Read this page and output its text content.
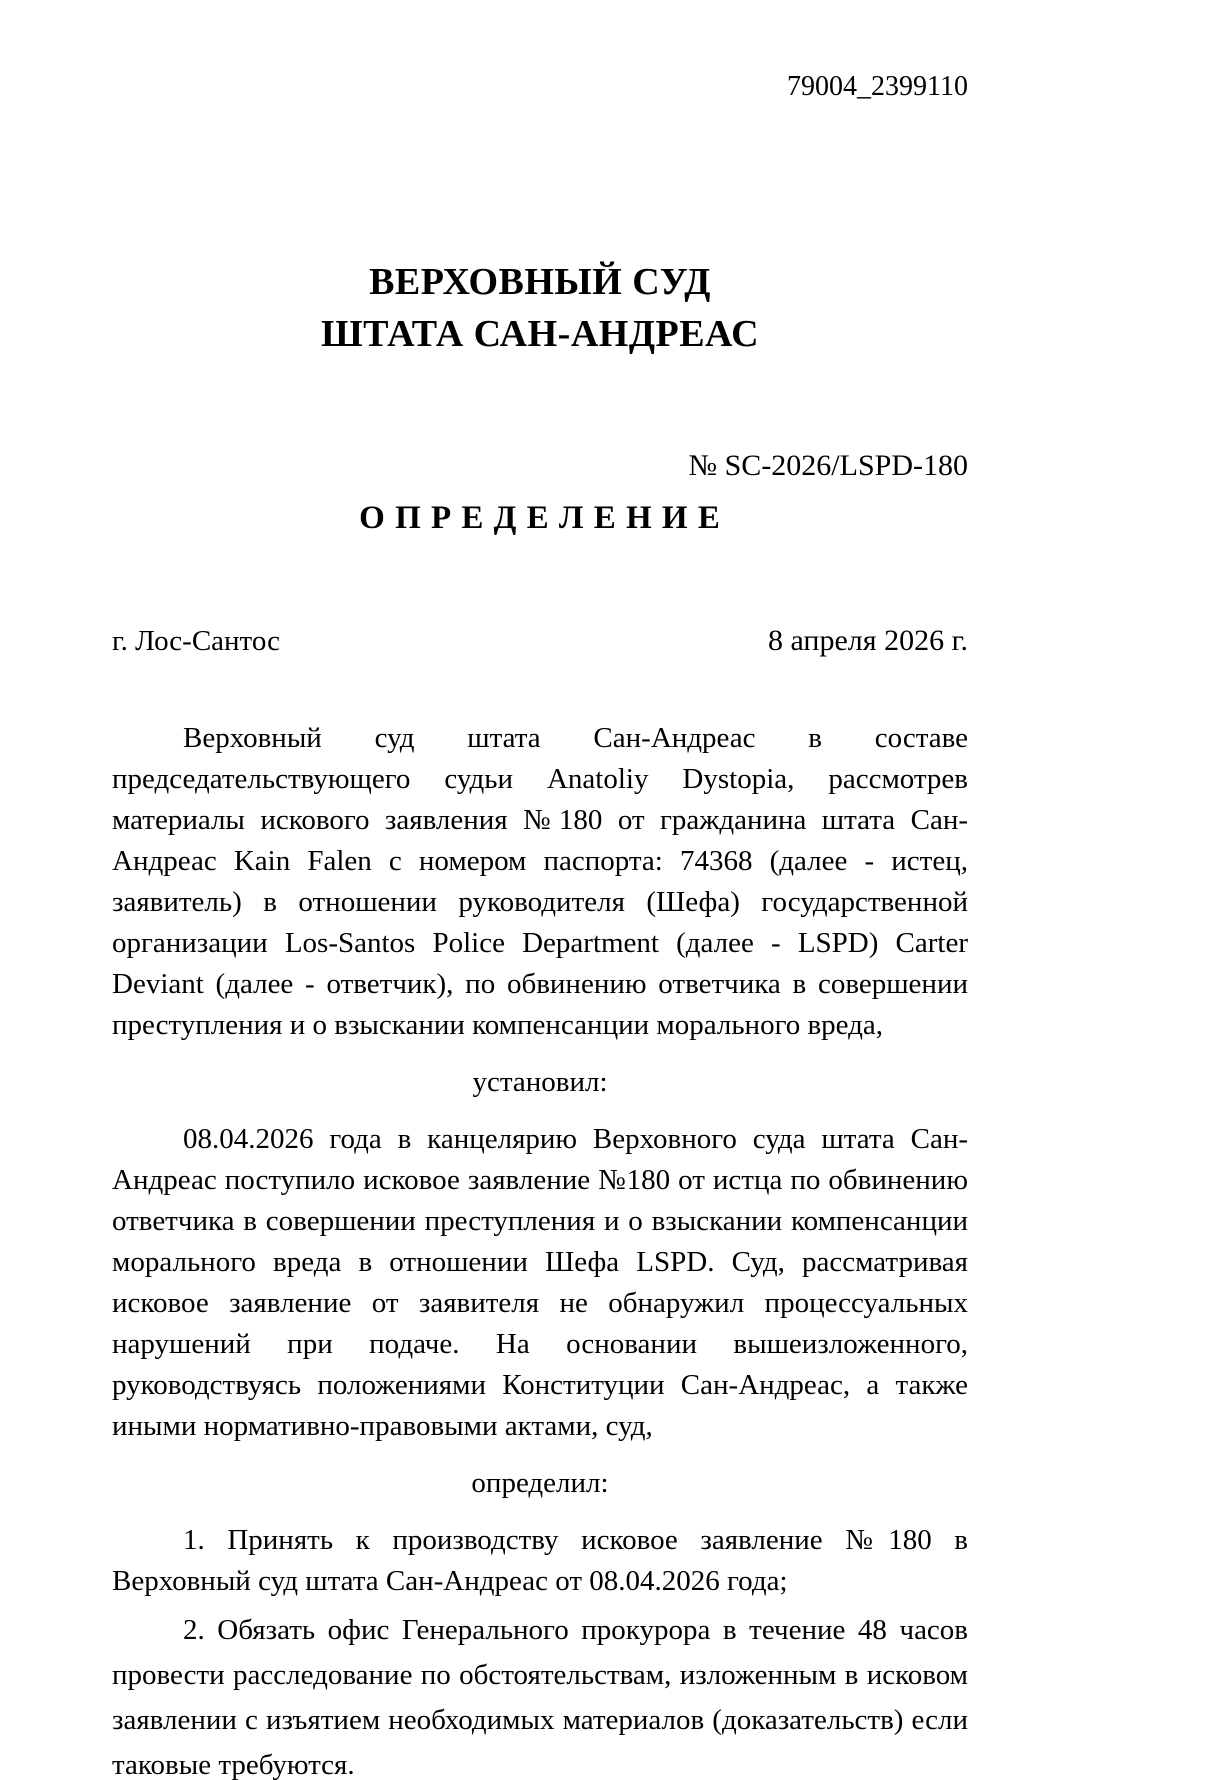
79004_2399110
ВЕРХОВНЫЙ СУД
ШТАТА САН-АНДРЕАС
№ SC-2026/LSPD-180
О П Р Е Д Е Л Е Н И Е
г. Лос-Сантос	8 апреля 2026 г.

Верховный суд штата Сан-Андреас в составе председательствующего судьи Anatoliy Dystopia, рассмотрев материалы искового заявления №180 от гражданина штата Сан-Андреас Kain Falen с номером паспорта: 74368 (далее - истец, заявитель) в отношении руководителя (Шефа) государственной организации Los-Santos Police Department (далее - LSPD) Carter Deviant (далее - ответчик), по обвинению ответчика в совершении преступления и о взыскании компенсанции морального вреда,

установил:

08.04.2026 года в канцелярию Верховного суда штата Сан-Андреас поступило исковое заявление №180 от истца по обвинению ответчика в совершении преступления и о взыскании компенсанции морального вреда в отношении Шефа LSPD. Суд, рассматривая исковое заявление от заявителя не обнаружил процессуальных нарушений при подаче. На основании вышеизложенного, руководствуясь положениями Конституции Сан-Андреас, а также иными нормативно-правовыми актами, суд,

определил:

1. Принять к производству исковое заявление №180 в Верховный суд штата Сан-Андреас от 08.04.2026 года;

2. Обязать офис Генерального прокурора в течение 48 часов провести расследование по обстоятельствам, изложенным в исковом заявлении с изъятием необходимых материалов (доказательств) если таковые требуются.
